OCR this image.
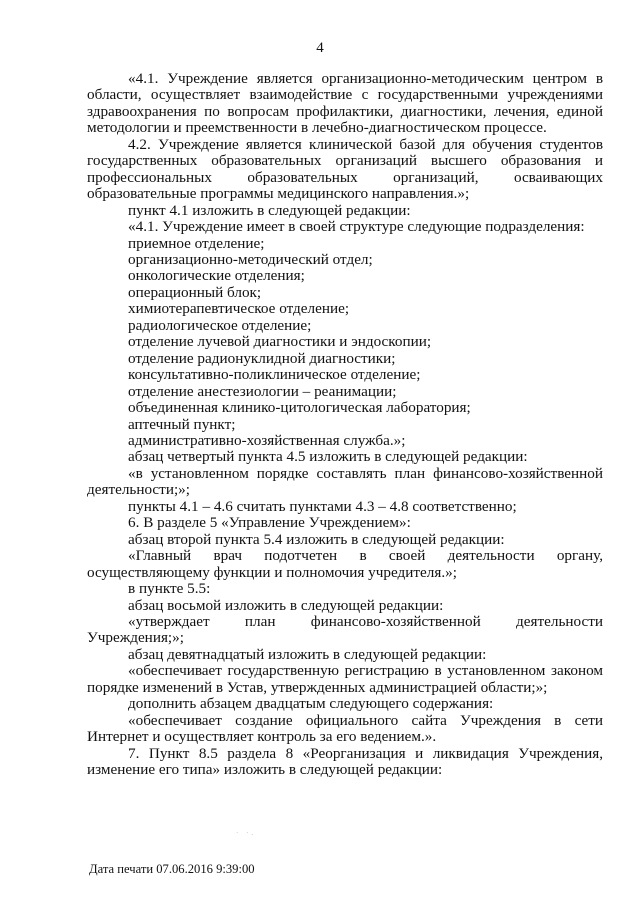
4

«4.1. Учреждение является организационно-методическим центром в области, осуществляет взаимодействие с государственными учреждениями здравоохранения по вопросам профилактики, диагностики, лечения, единой методологии и преемственности в лечебно-диагностическом процессе.

4.2. Учреждение является клинической базой для обучения студентов государственных образовательных организаций высшего образования и профессиональных образовательных организаций, осваивающих образовательные программы медицинского направления.»;

пункт 4.1 изложить в следующей редакции:

«4.1. Учреждение имеет в своей структуре следующие подразделения:

приемное отделение;

организационно-методический отдел;

онкологические отделения;

операционный блок;

химиотерапевтическое отделение;

радиологическое отделение;

отделение лучевой диагностики и эндоскопии;

отделение радионуклидной диагностики;

консультативно-поликлиническое отделение;

отделение анестезиологии – реанимации;

объединенная клинико-цитологическая лаборатория;

аптечный пункт;

административно-хозяйственная служба.»;

абзац четвертый пункта 4.5 изложить в следующей редакции:

«в установленном порядке составлять план финансово-хозяйственной деятельности;»;

пункты 4.1 – 4.6 считать пунктами 4.3 – 4.8 соответственно;

6. В разделе 5 «Управление Учреждением»:

абзац второй пункта 5.4 изложить в следующей редакции:

«Главный врач подотчетен в своей деятельности органу, осуществляющему функции и полномочия учредителя.»;

в пункте 5.5:

абзац восьмой изложить в следующей редакции:

«утверждает план финансово-хозяйственной деятельности Учреждения;»;

абзац девятнадцатый изложить в следующей редакции:

«обеспечивает государственную регистрацию в установленном законом порядке изменений в Устав, утвержденных администрацией области;»;

дополнить абзацем двадцатым следующего содержания:

«обеспечивает создание официального сайта Учреждения в сети Интернет и осуществляет контроль за его ведением.».

7. Пункт 8.5 раздела 8 «Реорганизация и ликвидация Учреждения, изменение его типа» изложить в следующей редакции:

· ·.
Дата печати 07.06.2016 9:39:00
